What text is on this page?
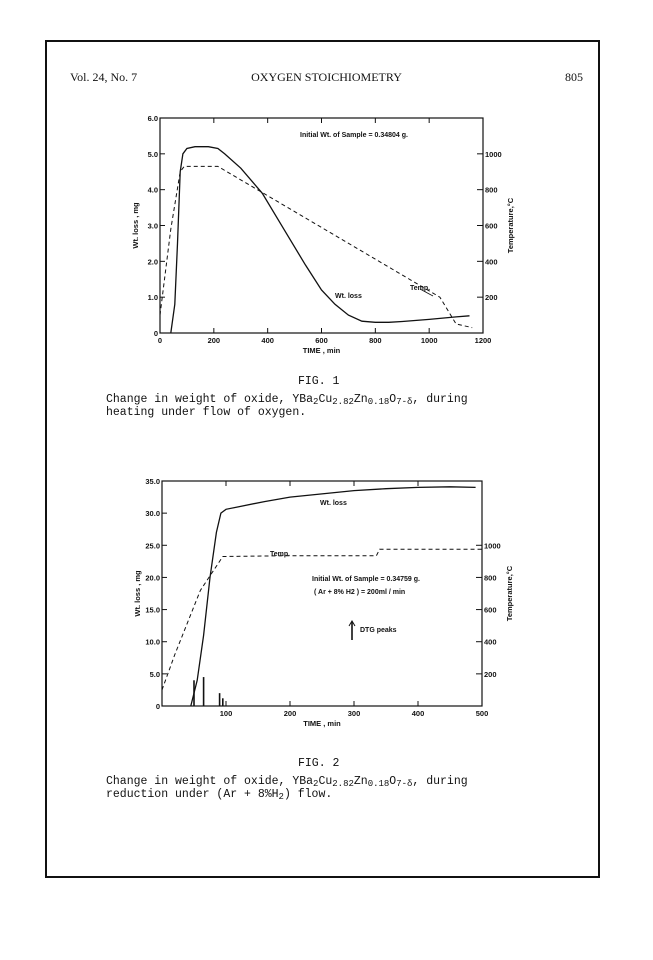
Vol. 24, No. 7	OXYGEN STOICHIOMETRY	805
0	200	400	600	800	1000	1200
0
1.0
2.0
3.0
4.0
5.0
6.0
200
400
600
800
1000
TIME , min
Wt. loss , mg	Temperature,°C
Initial Wt. of Sample = 0.34804 g.
Wt. loss
Temp.
FIG. 1
Change in weight of oxide, $YBa_2Cu_{2.82}Zn_{0.18}O_{7-\delta}$, during
heating under flow of oxygen.
100	200	300	400	500
0
5.0
10.0
15.0
20.0
25.0
30.0
35.0
200
400
600
800
1000
TIME , min
Wt. loss , mg	Temperature,°C
Wt. loss
Temp.
Initial Wt. of Sample = 0.34759 g.
( Ar + 8% H2 ) = 200ml / min
DTG peaks
FIG. 2
Change in weight of oxide, $YBa_2Cu_{2.82}Zn_{0.18}O_{7-\delta}$, during
reduction under $(Ar + 8\%H_2)$ flow.
